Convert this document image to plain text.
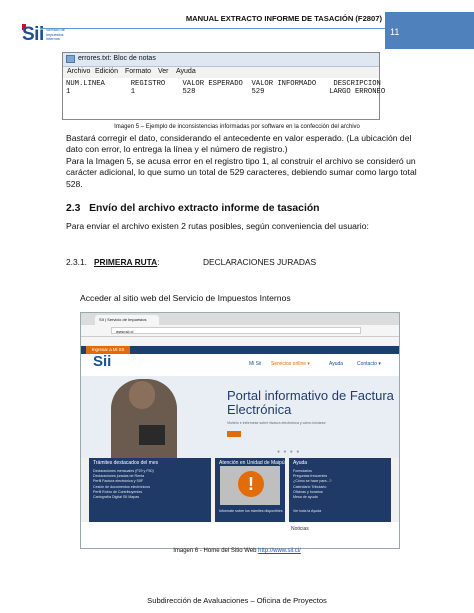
Sii Servicio de Impuestos Internos
MANUAL EXTRACTO INFORME DE TASACIÓN (F2807)
11
errores.txt: Bloc de notas
Archivo Edición Formato Ver Ayuda
NUM.LINEA      REGISTRO    VALOR ESPERADO  VALOR INFORMADO    DESCRIPCION
1              1           528             529               LARGO ERRONEO
Imagen 5 – Ejemplo de inconsistencias informadas por software en la confección del archivo
Bastará corregir el dato, considerando el antecedente en valor esperado. (La ubicación del dato con error, lo entrega la línea y el número de registro.)
Para la Imagen 5, se acusa error en el registro tipo 1, al construir el archivo se consideró un carácter adicional, lo que sumo un total de 529 caracteres, debiendo sumar como largo total 528.
2.3 Envío del archivo extracto informe de tasación
Para enviar el archivo existen 2 rutas posibles, según conveniencia del usuario:
2.3.1. PRIMERA RUTA:	DECLARACIONES JURADAS
Acceder al sitio web del Servicio de Impuestos Internos
SII | Servicio de Impuestos
www.sii.cl
Ingresar a Mi SII
Sii	Mi Sii Servicios online ▾	Ayuda	Contacto ▾
Portal informativo de Factura Electrónica
Visítelo e infórmese sobre factura electrónica y cómo iniciarse
● ● ● ●
Trámites destacados del mes
Declaraciones mensuales (F29 y F50)
Declaraciones juradas de Renta
Perfil Factura electrónica y SIIF
Cesión de documentos electrónicos
Perfil Rubro de Contribuyentes
Cartografía Digital SII Mapas
Atención en Unidad de Maipú
!
Informate sobre los trámites disponibles
Ayuda
Formularios
Preguntas frecuentes
¿Cómo se hace para...?
Calendario Tributario
Oficinas y horarios
Mesa de ayuda
Ver toda la Ayuda
Noticias
Imagen 6 - Home del Sitio Web http://www.sii.cl/
Subdirección de Avaluaciones – Oficina de Proyectos
